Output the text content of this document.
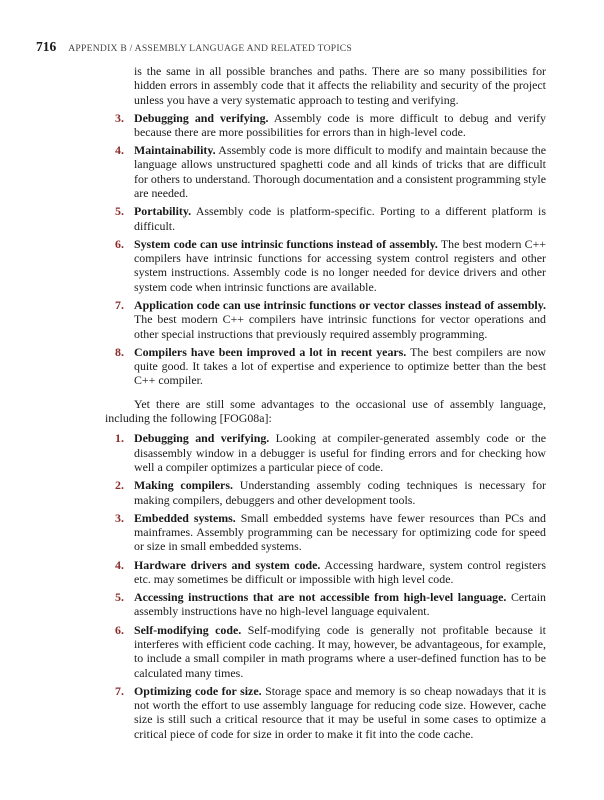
716 APPENDIX B / ASSEMBLY LANGUAGE AND RELATED TOPICS

is the same in all possible branches and paths. There are so many possibilities for hidden errors in assembly code that it affects the reliability and security of the project unless you have a very systematic approach to testing and verifying.

3. Debugging and verifying. Assembly code is more difficult to debug and verify because there are more possibilities for errors than in high-level code.
4. Maintainability. Assembly code is more difficult to modify and maintain because the language allows unstructured spaghetti code and all kinds of tricks that are difficult for others to understand. Thorough documentation and a consistent programming style are needed.
5. Portability. Assembly code is platform-specific. Porting to a different platform is difficult.
6. System code can use intrinsic functions instead of assembly. The best modern C++ compilers have intrinsic functions for accessing system control registers and other system instructions. Assembly code is no longer needed for device drivers and other system code when intrinsic functions are available.
7. Application code can use intrinsic functions or vector classes instead of assembly. The best modern C++ compilers have intrinsic functions for vector operations and other special instructions that previously required assembly programming.
8. Compilers have been improved a lot in recent years. The best compilers are now quite good. It takes a lot of expertise and experience to optimize better than the best C++ compiler.

Yet there are still some advantages to the occasional use of assembly language, including the following [FOG08a]:

1. Debugging and verifying. Looking at compiler-generated assembly code or the disassembly window in a debugger is useful for finding errors and for checking how well a compiler optimizes a particular piece of code.
2. Making compilers. Understanding assembly coding techniques is necessary for making compilers, debuggers and other development tools.
3. Embedded systems. Small embedded systems have fewer resources than PCs and mainframes. Assembly programming can be necessary for optimizing code for speed or size in small embedded systems.
4. Hardware drivers and system code. Accessing hardware, system control registers etc. may sometimes be difficult or impossible with high level code.
5. Accessing instructions that are not accessible from high-level language. Certain assembly instructions have no high-level language equivalent.
6. Self-modifying code. Self-modifying code is generally not profitable because it interferes with efficient code caching. It may, however, be advantageous, for example, to include a small compiler in math programs where a user-defined function has to be calculated many times.
7. Optimizing code for size. Storage space and memory is so cheap nowadays that it is not worth the effort to use assembly language for reducing code size. However, cache size is still such a critical resource that it may be useful in some cases to optimize a critical piece of code for size in order to make it fit into the code cache.
